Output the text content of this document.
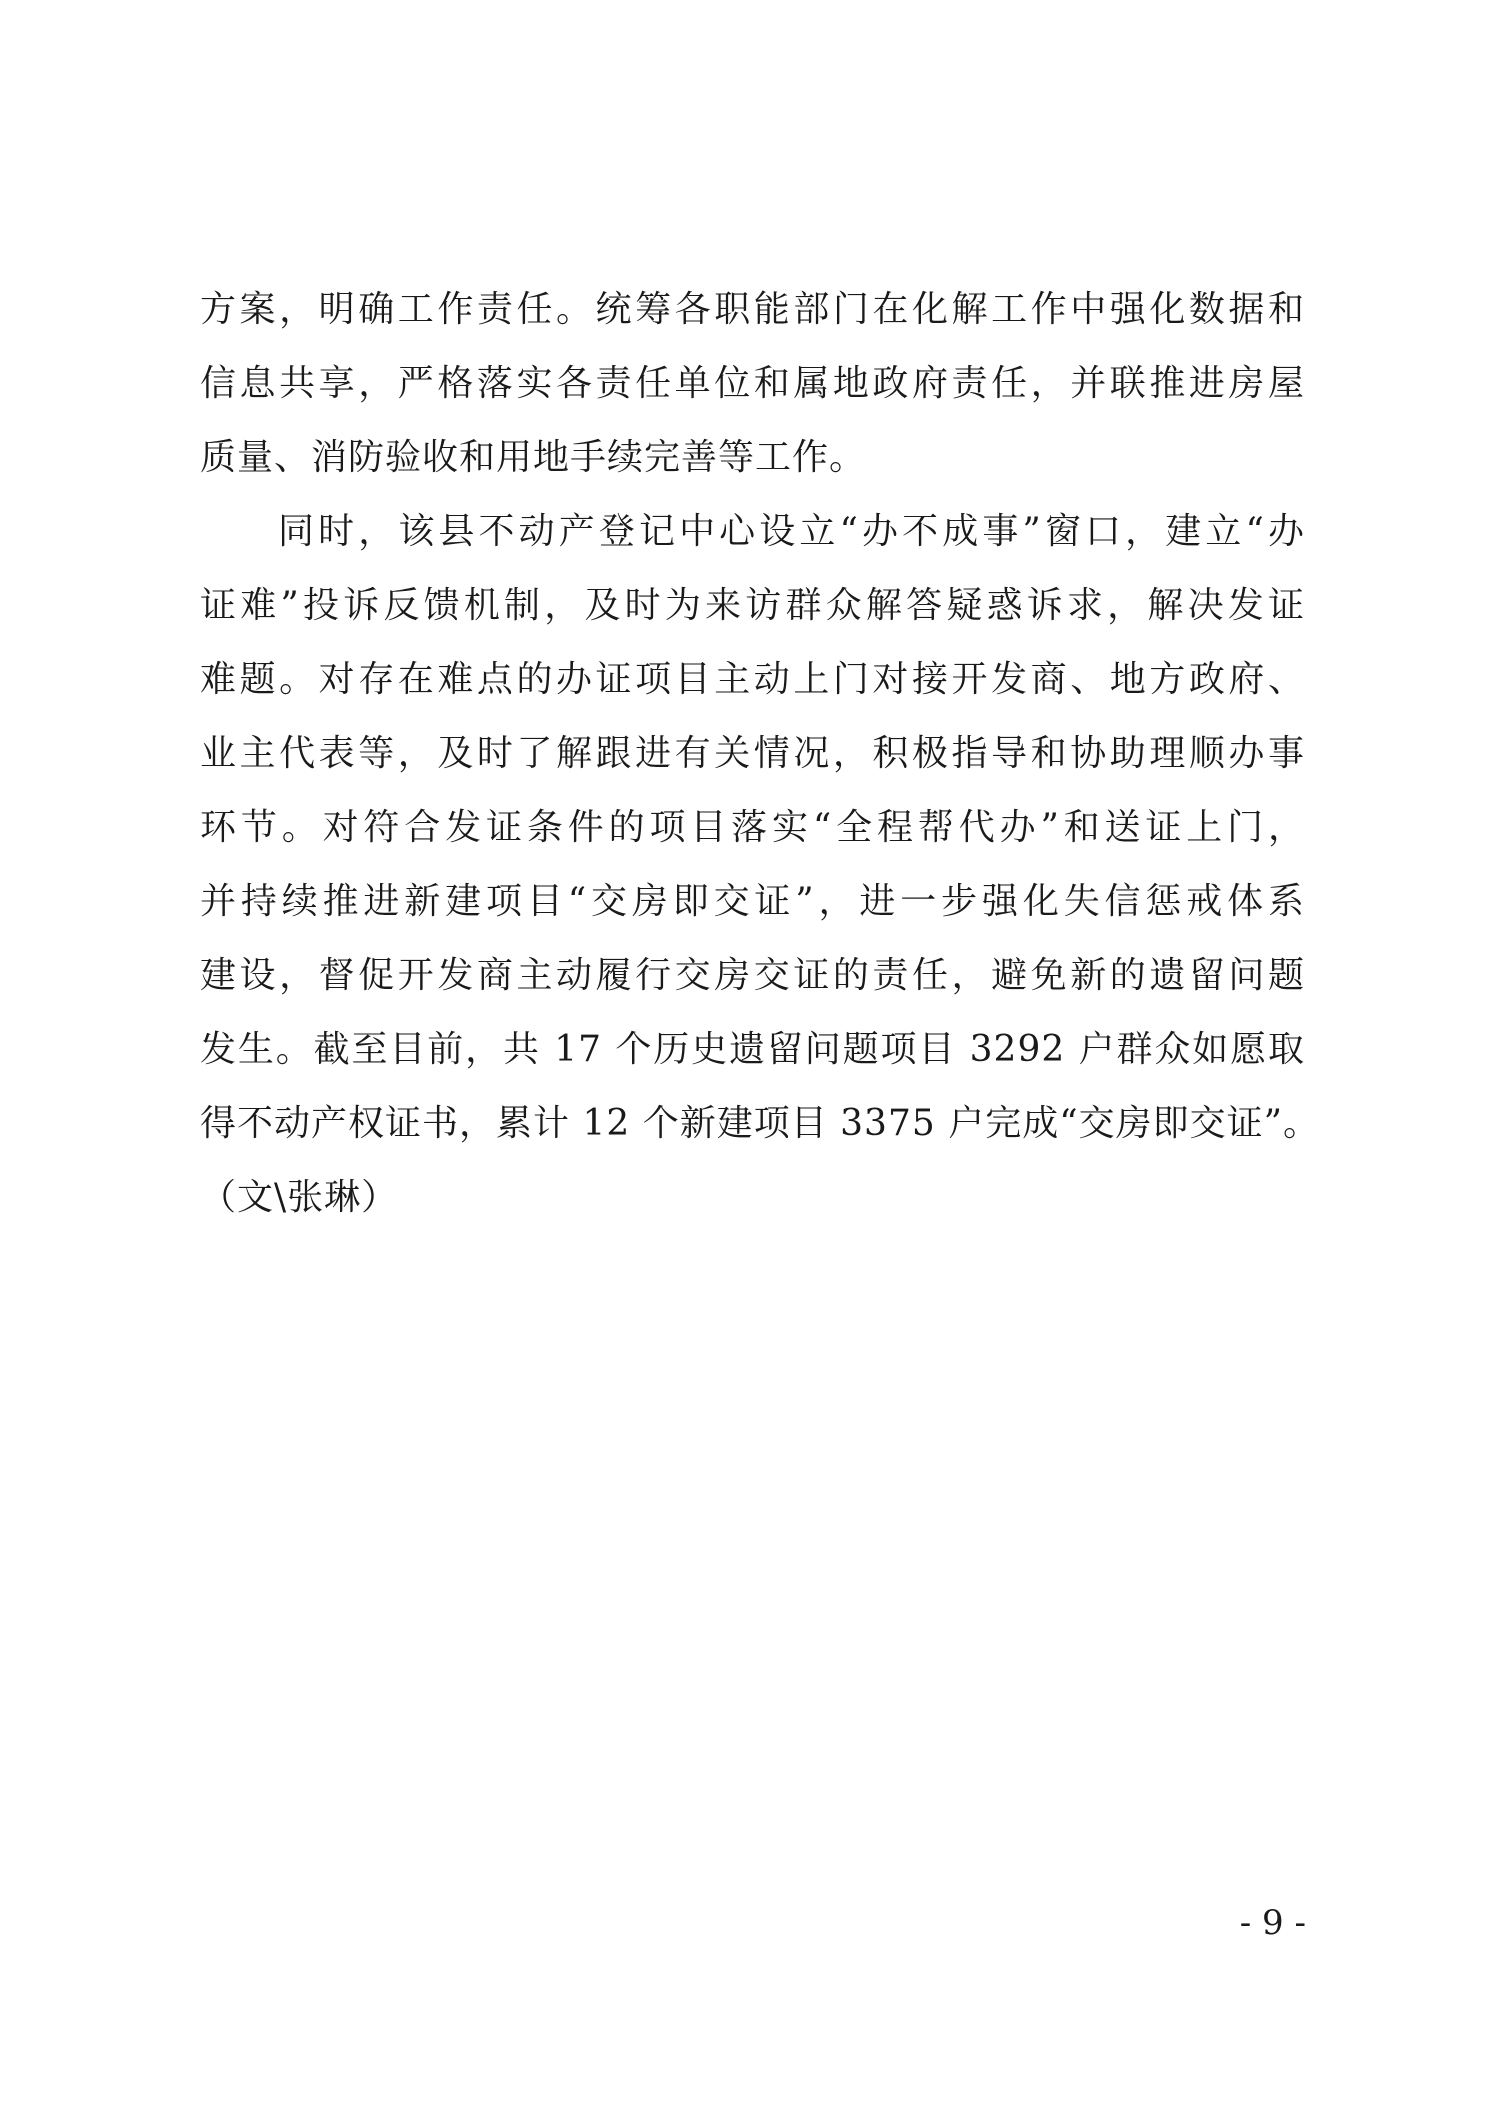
方案，明确工作责任。统筹各职能部门在化解工作中强化数据和
信息共享，严格落实各责任单位和属地政府责任，并联推进房屋
质量、消防验收和用地手续完善等工作。
同时，该县不动产登记中心设立“办不成事”窗口，建立“办
证难”投诉反馈机制，及时为来访群众解答疑惑诉求，解决发证
难题。对存在难点的办证项目主动上门对接开发商、地方政府、
业主代表等，及时了解跟进有关情况，积极指导和协助理顺办事
环节。对符合发证条件的项目落实“全程帮代办”和送证上门，
并持续推进新建项目“交房即交证”，进一步强化失信惩戒体系
建设，督促开发商主动履行交房交证的责任，避免新的遗留问题
发生。截至目前，共 17 个历史遗留问题项目 3292 户群众如愿取
得不动产权证书，累计 12 个新建项目 3375 户完成“交房即交证”。
（文\张琳）
- 9 -
